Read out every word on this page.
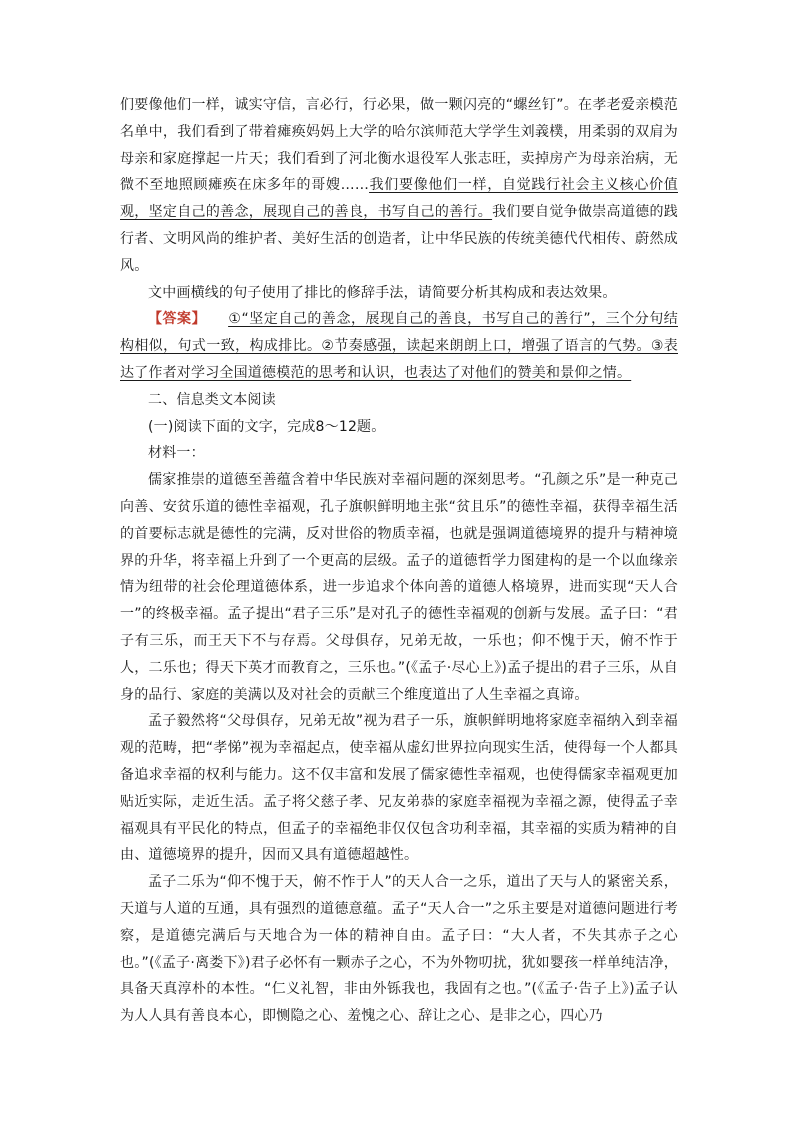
们要像他们一样，诚实守信，言必行，行必果，做一颗闪亮的“螺丝钉”。在孝老爱亲模范名单中，我们看到了带着瘫痪妈妈上大学的哈尔滨师范大学学生刘義樸，用柔弱的双肩为母亲和家庭撑起一片天；我们看到了河北衡水退役军人张志旺，卖掉房产为母亲治病，无微不至地照顾瘫痪在床多年的哥嫂……我们要像他们一样，自觉践行社会主义核心价值观，坚定自己的善念，展现自己的善良，书写自己的善行。我们要自觉争做崇高道德的践行者、文明风尚的维护者、美好生活的创造者，让中华民族的传统美德代代相传、蔚然成风。

文中画横线的句子使用了排比的修辞手法，请简要分析其构成和表达效果。

【答案】 ①“坚定自己的善念，展现自己的善良，书写自己的善行”，三个分句结构相似，句式一致，构成排比。②节奏感强，读起来朗朗上口，增强了语言的气势。③表达了作者对学习全国道德模范的思考和认识，也表达了对他们的赞美和景仰之情。

二、信息类文本阅读

(一)阅读下面的文字，完成8～12题。

材料一：

儒家推崇的道德至善蕴含着中华民族对幸福问题的深刻思考。“孔颜之乐”是一种克己向善、安贫乐道的德性幸福观，孔子旗帜鲜明地主张“贫且乐”的德性幸福，获得幸福生活的首要标志就是德性的完满，反对世俗的物质幸福，也就是强调道德境界的提升与精神境界的升华，将幸福上升到了一个更高的层级。孟子的道德哲学力图建构的是一个以血缘亲情为纽带的社会伦理道德体系，进一步追求个体向善的道德人格境界，进而实现“天人合一”的终极幸福。孟子提出“君子三乐”是对孔子的德性幸福观的创新与发展。孟子曰：“君子有三乐，而王天下不与存焉。父母俱存，兄弟无故，一乐也；仰不愧于天，俯不怍于人，二乐也；得天下英才而教育之，三乐也。”(《孟子·尽心上》)孟子提出的君子三乐，从自身的品行、家庭的美满以及对社会的贡献三个维度道出了人生幸福之真谛。

孟子毅然将“父母俱存，兄弟无故”视为君子一乐，旗帜鲜明地将家庭幸福纳入到幸福观的范畴，把“孝悌”视为幸福起点，使幸福从虚幻世界拉向现实生活，使得每一个人都具备追求幸福的权利与能力。这不仅丰富和发展了儒家德性幸福观，也使得儒家幸福观更加贴近实际，走近生活。孟子将父慈子孝、兄友弟恭的家庭幸福视为幸福之源，使得孟子幸福观具有平民化的特点，但孟子的幸福绝非仅仅包含功利幸福，其幸福的实质为精神的自由、道德境界的提升，因而又具有道德超越性。

孟子二乐为“仰不愧于天，俯不怍于人”的天人合一之乐，道出了天与人的紧密关系，天道与人道的互通，具有强烈的道德意蕴。孟子“天人合一”之乐主要是对道德问题进行考察，是道德完满后与天地合为一体的精神自由。孟子曰：“大人者，不失其赤子之心也。”(《孟子·离娄下》)君子必怀有一颗赤子之心，不为外物叨扰，犹如婴孩一样单纯洁净，具备天真淳朴的本性。“仁义礼智，非由外铄我也，我固有之也。”(《孟子·告子上》)孟子认为人人具有善良本心，即恻隐之心、羞愧之心、辞让之心、是非之心，四心乃
